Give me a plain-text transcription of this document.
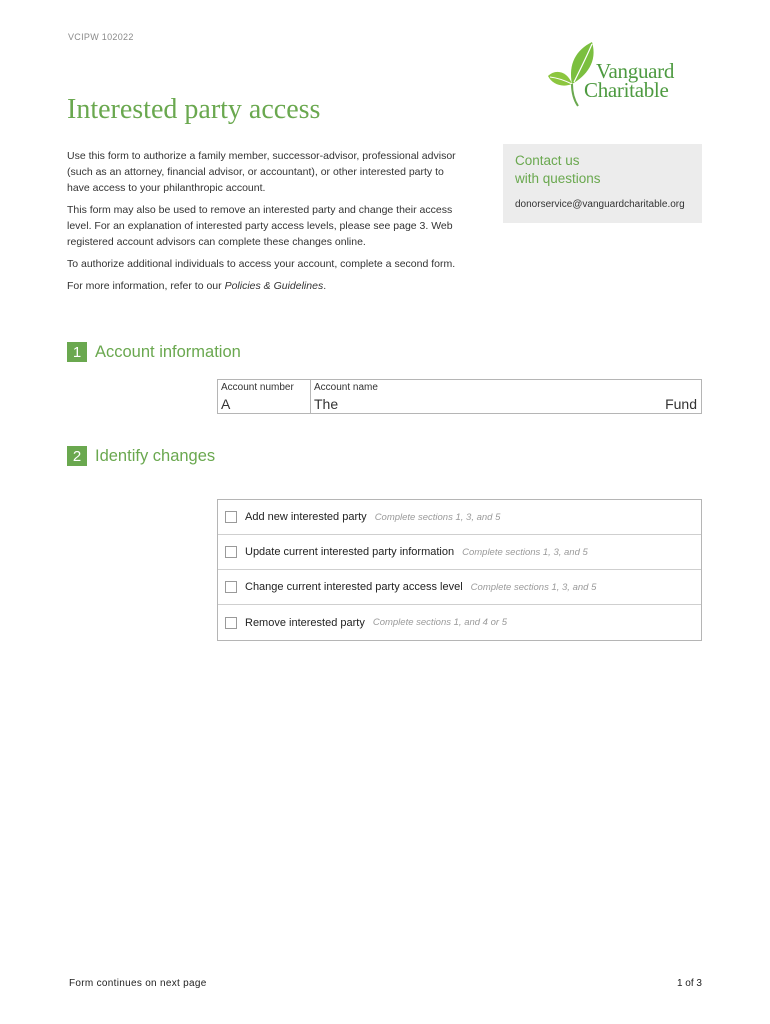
VCIPW 102022
Vanguard
Charitable
Interested party access

Use this form to authorize a family member, successor-advisor, professional advisor (such as an attorney, financial advisor, or accountant), or other interested party to have access to your philanthropic account.

This form may also be used to remove an interested party and change their access level. For an explanation of interested party access levels, please see page 3. Web registered account advisors can complete these changes online.

To authorize additional individuals to access your account, complete a second form.

For more information, refer to our Policies & Guidelines.

Contact us
with questions
donorservice@vanguardcharitable.org
1 Account information
Account number
A
Account name
The	Fund
2 Identify changes
Add new interested party Complete sections 1, 3, and 5
Update current interested party information Complete sections 1, 3, and 5
Change current interested party access level Complete sections 1, 3, and 5
Remove interested party Complete sections 1, and 4 or 5
Form continues on next page	1 of 3
